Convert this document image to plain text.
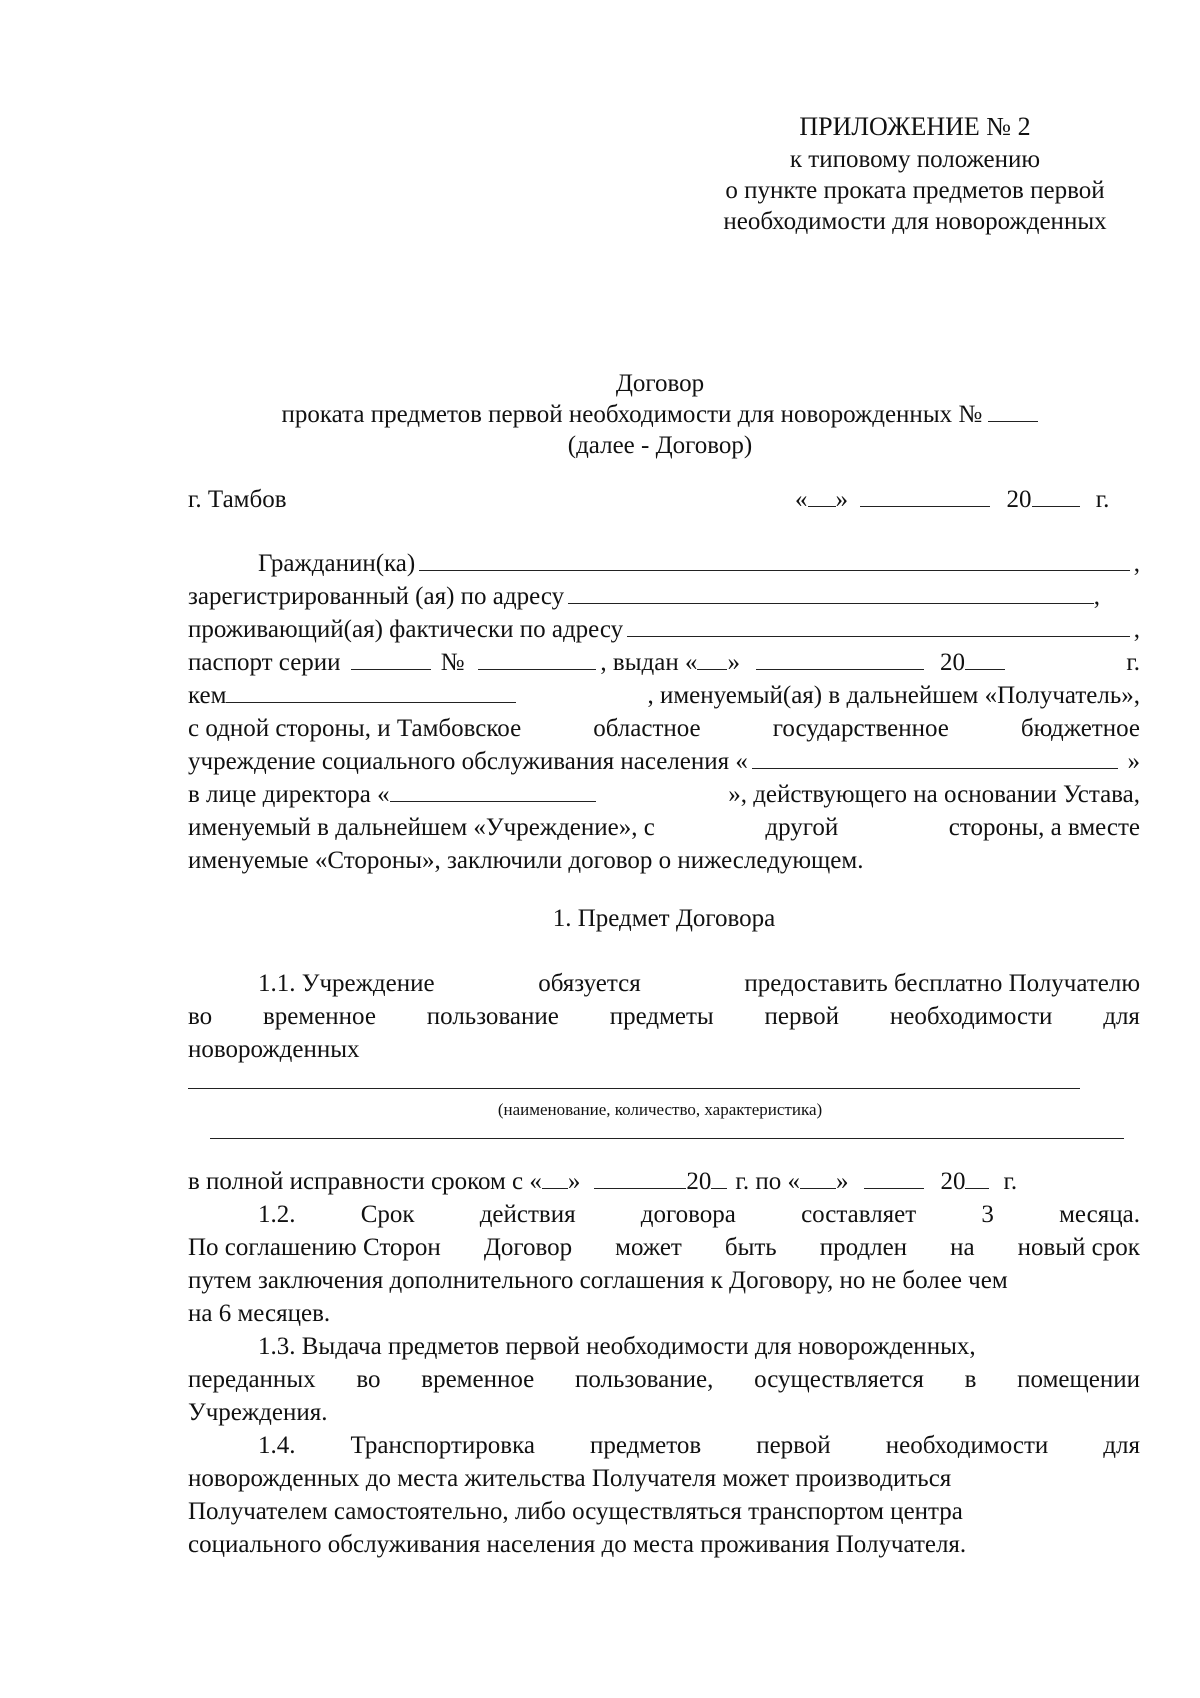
ПРИЛОЖЕНИЕ № 2
к типовому положению
о пункте проката предметов первой
необходимости для новорожденных
Договор
проката предметов первой необходимости для новорожденных №
(далее - Договор)
г. Тамбов	« »	20	г.
Гражданин(ка)	,
зарегистрированный (ая) по адресу	,
проживающий(ая) фактически по адресу	,
паспорт серии	№	, выдан « »	20	г.
кем	, именуемый(ая) в дальнейшем «Получатель»,
с одной стороны, и Тамбовское	областное	государственное	бюджетное
учреждение социального обслуживания населения «	»
в лице директора «	», действующего на основании Устава,
именуемый в дальнейшем «Учреждение», с	другой	стороны, а вместе
именуемые «Стороны», заключили договор о нижеследующем.
1. Предмет Договора
1.1. Учреждение	обязуется	предоставить бесплатно Получателю
во временное пользование предметы первой необходимости для
новорожденных
(наименование, количество, характеристика)
в полной исправности сроком с « »	20 г. по « »	20 г.
1.2.	Срок	действия	договора	составляет	3	месяца.
По соглашению Сторон Договор может быть продлен на новый срок
путем заключения дополнительного соглашения к Договору, но не более чем
на 6 месяцев.
1.3. Выдача предметов первой необходимости для новорожденных,
переданных во временное пользование, осуществляется в помещении
Учреждения.
1.4. Транспортировка предметов первой необходимости для
новорожденных до места жительства Получателя может производиться
Получателем самостоятельно, либо осуществляться транспортом центра
социального обслуживания населения до места проживания Получателя.
